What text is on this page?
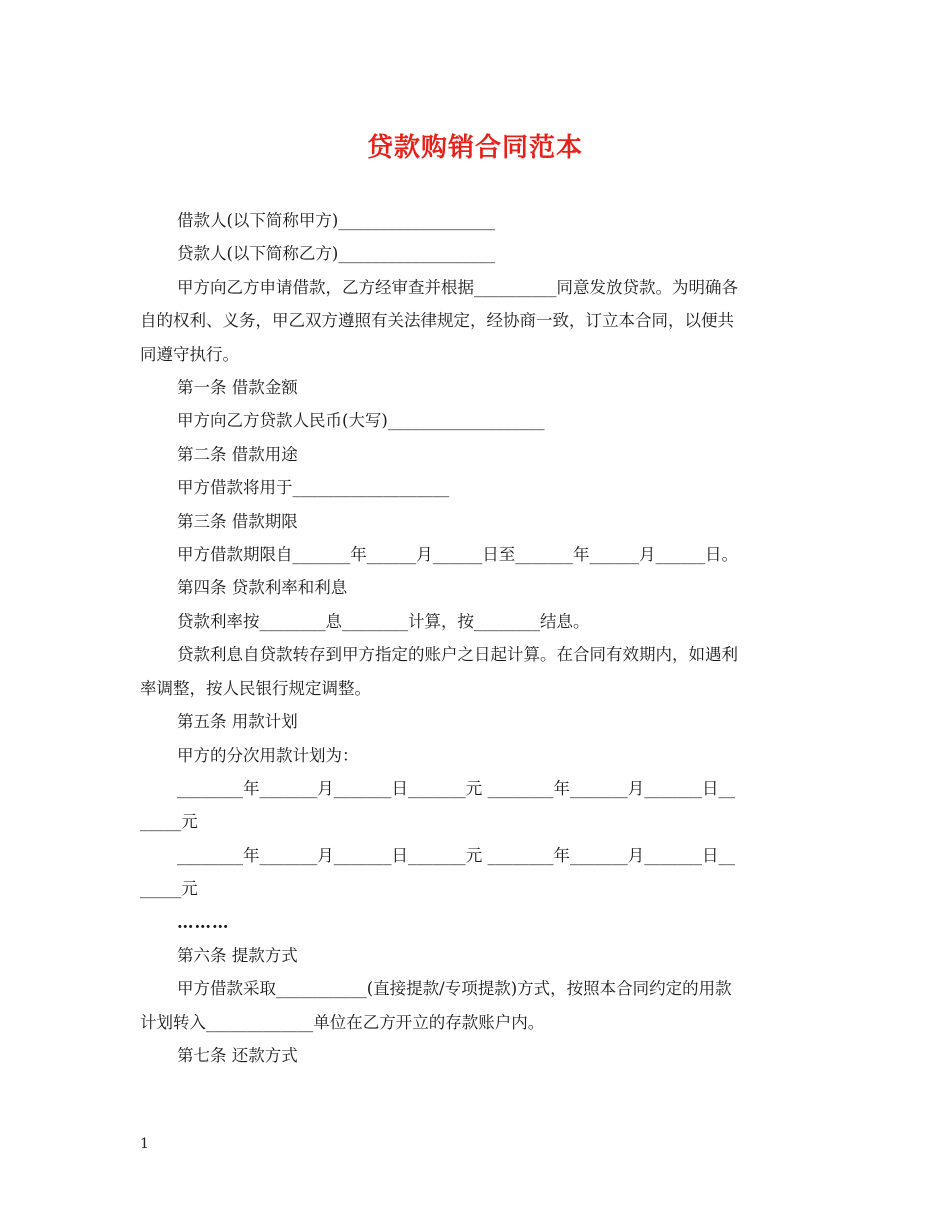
贷款购销合同范本

借款人(以下简称甲方)___________________

贷款人(以下简称乙方)___________________

甲方向乙方申请借款，乙方经审查并根据__________同意发放贷款。为明确各

自的权利、义务，甲乙双方遵照有关法律规定，经协商一致，订立本合同，以便共

同遵守执行。

第一条 借款金额

甲方向乙方贷款人民币(大写)___________________

第二条 借款用途

甲方借款将用于___________________

第三条 借款期限

甲方借款期限自_______年______月______日至_______年______月______日。

第四条 贷款利率和利息

贷款利率按________息________计算，按________结息。

贷款利息自贷款转存到甲方指定的账户之日起计算。在合同有效期内，如遇利

率调整，按人民银行规定调整。

第五条 用款计划

甲方的分次用款计划为：

________年_______月_______日_______元 ________年_______月_______日__

_____元

________年_______月_______日_______元 ________年_______月_______日__

_____元

………

第六条 提款方式

甲方借款采取___________(直接提款/专项提款)方式，按照本合同约定的用款

计划转入_____________单位在乙方开立的存款账户内。

第七条 还款方式

1
